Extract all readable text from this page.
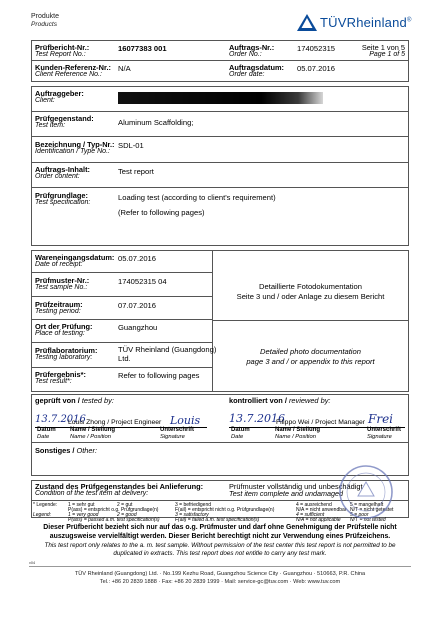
Produkte
Products	TÜVRheinland®
Prüfbericht-Nr.:
Test Report No.:
16077383 001	Auftrags-Nr.:
Order No.:
174052315	Seite 1 von 5
Page 1 of 5
Kunden-Referenz-Nr.:
Client Reference No.:
N/A	Auftragsdatum:
Order date:
05.07.2016
Auftraggeber:
Client:
Prüfgegenstand:
Test item:	Aluminum Scaffolding;
Bezeichnung / Typ-Nr.:
Identification / Type No.:
SDL-01
Auftrags-Inhalt:
Order content:
Test report
Prüfgrundlage:
Test specification:
Loading test (according to client's requirement)
(Refer to following pages)
Wareneingangsdatum:
Date of receipt:
05.07.2016
Prüfmuster-Nr.:
Test sample No.:
174052315 04
Prüfzeitraum:
Testing period:
07.07.2016
Ort der Prüfung:
Place of testing:
Guangzhou
Prüflaboratorium:
Testing laboratory:
TÜV Rheinland (Guangdong)
Ltd.
Prüfergebnis*:
Test result*:
Refer to following pages
Detaillierte Fotodokumentation
Seite 3 und / oder Anlage zu diesem Bericht
Detailed photo documentation
page 3 and / or appendix to this report
geprüft von / tested by:	kontrolliert von / reviewed by:
13.7.2016
Louis Zhong / Project Engineer Louis
Datum Name / Stellung	Unterschrift
Date	Name / Position	Signature
13.7.2016
Filippo Wei / Project Manager Frei
Datum	Name / Stellung	Unterschrift
Date	Name / Position	Signature
Sonstiges / Other:
Zustand des Prüfgegenstandes bei Anlieferung:
Condition of the test item at delivery:
Prüfmuster vollständig und unbeschädigt
Test item complete and undamaged
* Legende: 1 = sehr gut	2 = gut	3 = befriedigend	4 = ausreichend	5 = mangelhaft
P(ass) = entspricht o.g. Prüfgrundlage(n)	F(ail) = entspricht nicht o.g. Prüfgrundlage(n)	N/A = nicht anwendbar N/T = nicht getestet
Legend:	1 = very good	2 = good	3 = satisfactory	4 = sufficient	5 = poor
P(ass) = passed a.m. test specification(s)	F(ail) = failed a.m. test specification(s)	N/A = not applicable N/T = not tested
Dieser Prüfbericht bezieht sich nur auf das o.g. Prüfmuster und darf ohne Genehmigung der Prüfstelle nicht
auszugsweise vervielfältigt werden. Dieser Bericht berechtigt nicht zur Verwendung eines Prüfzeichens.
This test report only relates to the a. m. test sample. Without permission of the test center this test report is not permitted to be
duplicated in extracts. This test report does not entitle to carry any test mark.
v04
TÜV Rheinland (Guangdong) Ltd. · No.199 Kezhu Road, Guangzhou Science City · Guangzhou · 510663, P.R. China
Tel.: +86 20 2839 1888 · Fax: +86 20 2839 1999 · Mail: service-gc@tuv.com · Web: www.tuv.com
